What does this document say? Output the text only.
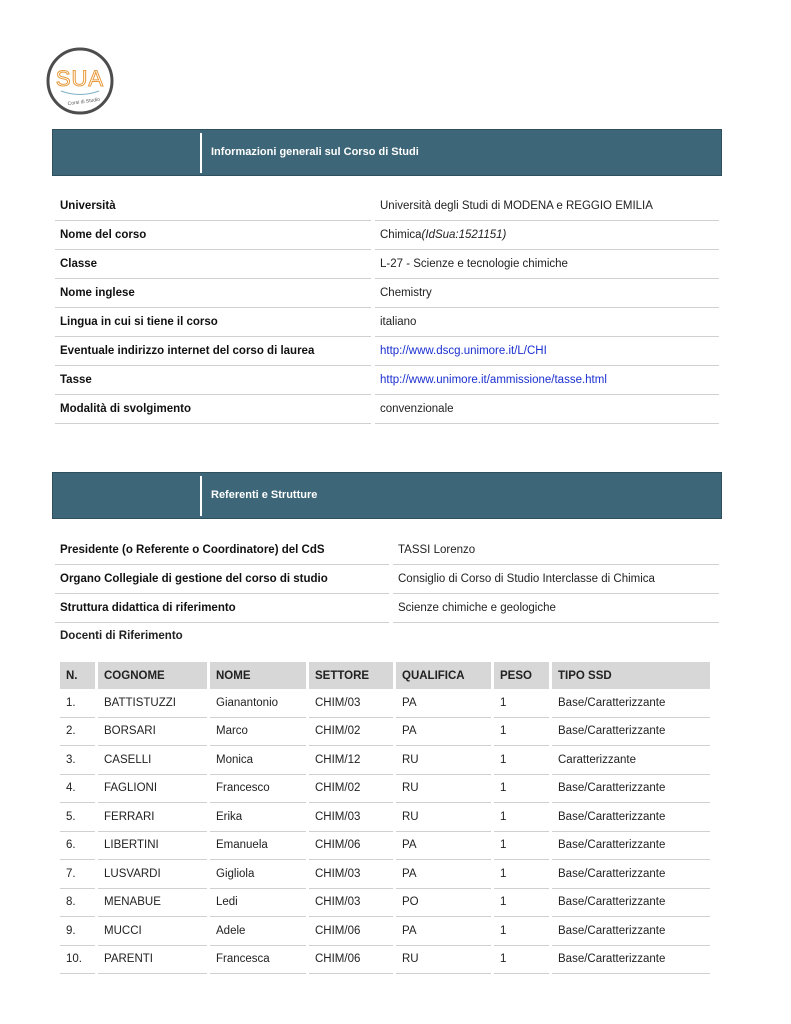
SUA
Corsi di Studio
Informazioni generali sul Corso di Studi
Università		Università degli Studi di MODENA e REGGIO EMILIA
Nome del corso		Chimica(IdSua:1521151)
Classe		L-27 - Scienze e tecnologie chimiche
Nome inglese		Chemistry
Lingua in cui si tiene il corso		italiano
Eventuale indirizzo internet del corso di laurea		http://www.dscg.unimore.it/L/CHI
Tasse		http://www.unimore.it/ammissione/tasse.html
Modalità di svolgimento		convenzionale
Referenti e Strutture
Presidente (o Referente o Coordinatore) del CdS		TASSI Lorenzo
Organo Collegiale di gestione del corso di studio		Consiglio di Corso di Studio Interclasse di Chimica
Struttura didattica di riferimento		Scienze chimiche e geologiche
Docenti di Riferimento
N.	COGNOME	NOME	SETTORE	QUALIFICA	PESO	TIPO SSD
1.	BATTISTUZZI	Gianantonio	CHIM/03	PA	1	Base/Caratterizzante
2.	BORSARI	Marco	CHIM/02	PA	1	Base/Caratterizzante
3.	CASELLI	Monica	CHIM/12	RU	1	Caratterizzante
4.	FAGLIONI	Francesco	CHIM/02	RU	1	Base/Caratterizzante
5.	FERRARI	Erika	CHIM/03	RU	1	Base/Caratterizzante
6.	LIBERTINI	Emanuela	CHIM/06	PA	1	Base/Caratterizzante
7.	LUSVARDI	Gigliola	CHIM/03	PA	1	Base/Caratterizzante
8.	MENABUE	Ledi	CHIM/03	PO	1	Base/Caratterizzante
9.	MUCCI	Adele	CHIM/06	PA	1	Base/Caratterizzante
10.	PARENTI	Francesca	CHIM/06	RU	1	Base/Caratterizzante
